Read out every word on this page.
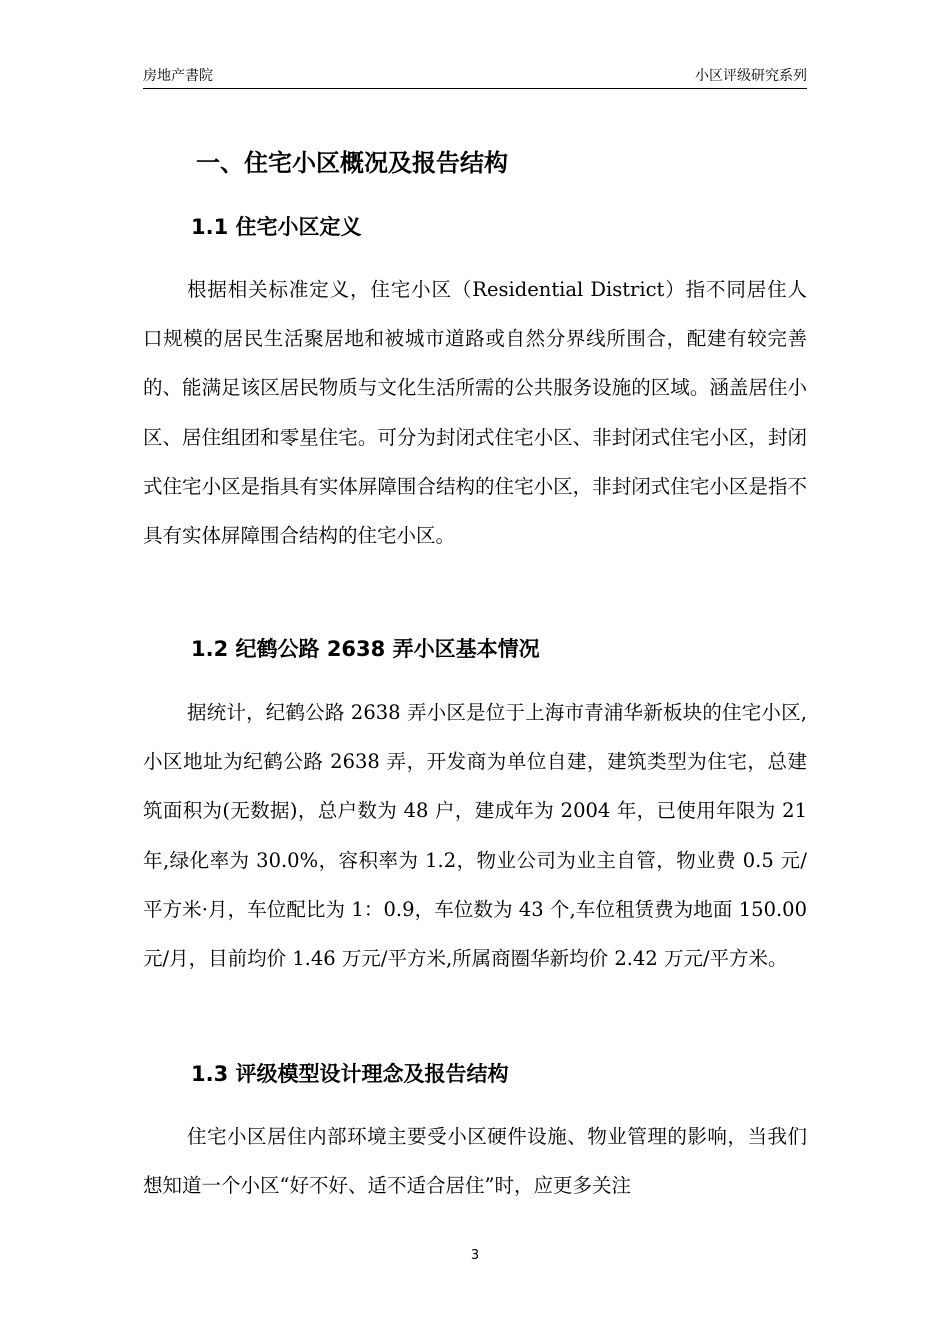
房地产書院	小区评级研究系列
一、住宅小区概况及报告结构
1.1 住宅小区定义

根据相关标准定义，住宅小区（Residential District）指不同居住人口规模的居民生活聚居地和被城市道路或自然分界线所围合，配建有较完善的、能满足该区居民物质与文化生活所需的公共服务设施的区域。涵盖居住小区、居住组团和零星住宅。可分为封闭式住宅小区、非封闭式住宅小区，封闭式住宅小区是指具有实体屏障围合结构的住宅小区，非封闭式住宅小区是指不具有实体屏障围合结构的住宅小区。

1.2 纪鹤公路 2638 弄小区基本情况

据统计，纪鹤公路 2638 弄小区是位于上海市青浦华新板块的住宅小区,小区地址为纪鹤公路 2638 弄，开发商为单位自建，建筑类型为住宅，总建筑面积为(无数据)，总户数为 48 户，建成年为 2004 年，已使用年限为 21 年,绿化率为 30.0%，容积率为 1.2，物业公司为业主自管，物业费 0.5 元/平方米·月，车位配比为 1：0.9，车位数为 43 个,车位租赁费为地面 150.00 元/月，目前均价 1.46 万元/平方米,所属商圈华新均价 2.42 万元/平方米。

1.3 评级模型设计理念及报告结构

住宅小区居住内部环境主要受小区硬件设施、物业管理的影响，当我们想知道一个小区“好不好、适不适合居住”时，应更多关注

3
